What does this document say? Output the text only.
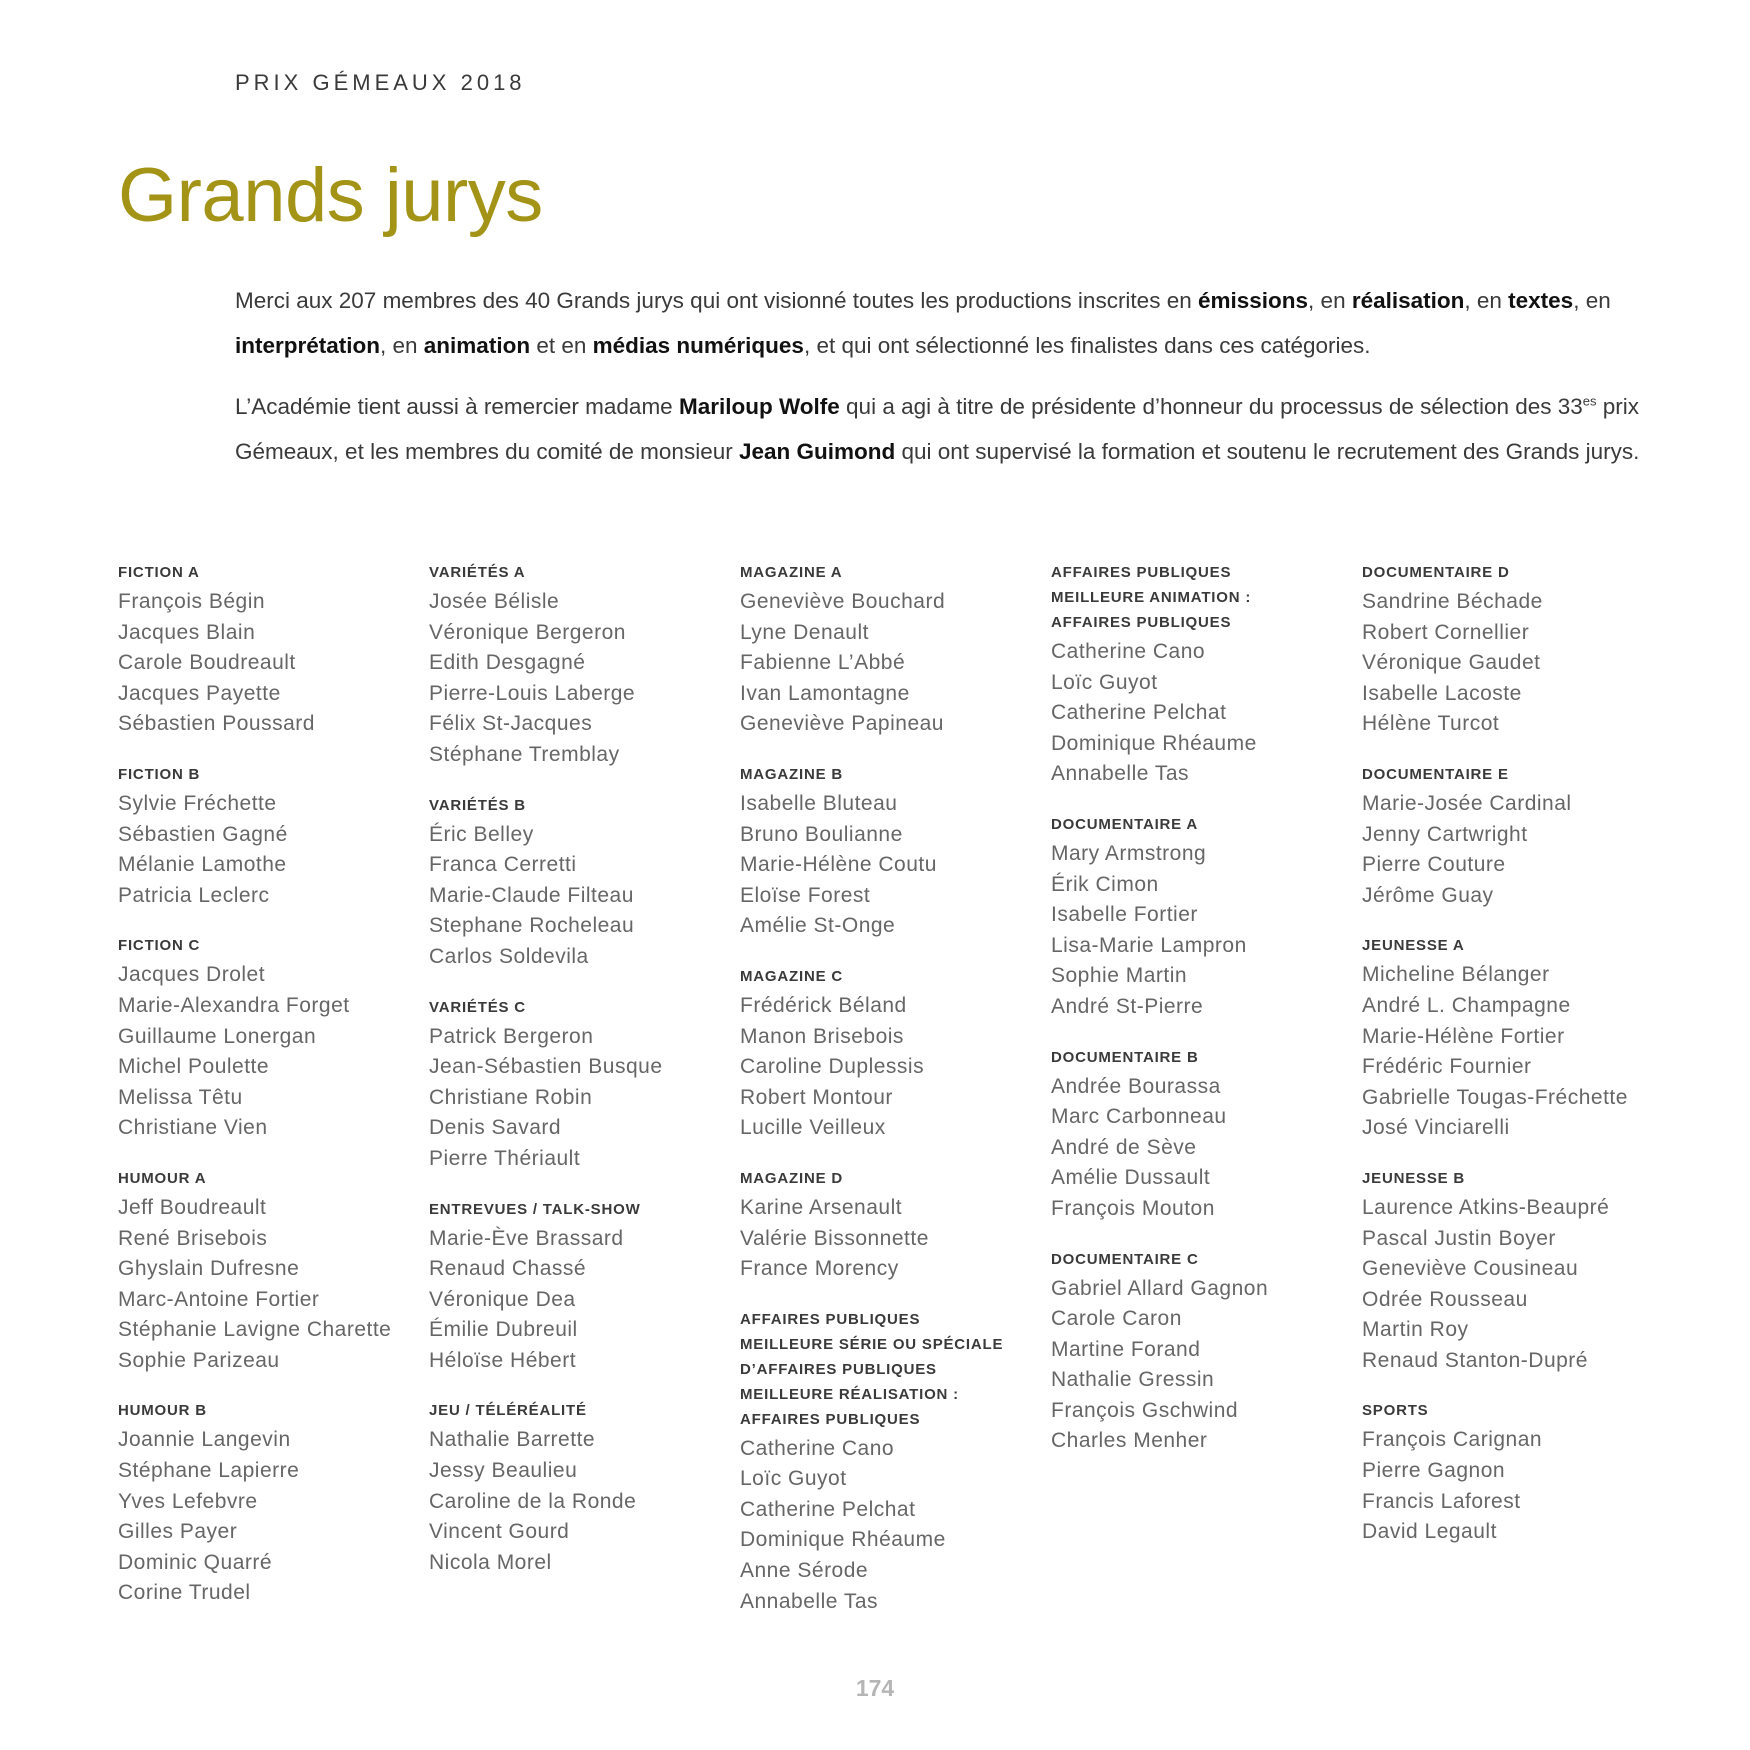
PRIX GÉMEAUX 2018
Grands jurys

Merci aux 207 membres des 40 Grands jurys qui ont visionné toutes les productions inscrites en émissions, en réalisation, en textes, en interprétation, en animation et en médias numériques, et qui ont sélectionné les finalistes dans ces catégories.

L’Académie tient aussi à remercier madame Mariloup Wolfe qui a agi à titre de présidente d’honneur du processus de sélection des $33^{es}$ prix Gémeaux, et les membres du comité de monsieur Jean Guimond qui ont supervisé la formation et soutenu le recrutement des Grands jurys.

FICTION A
François Bégin
Jacques Blain
Carole Boudreault
Jacques Payette
Sébastien Poussard
FICTION B
Sylvie Fréchette
Sébastien Gagné
Mélanie Lamothe
Patricia Leclerc
FICTION C
Jacques Drolet
Marie-Alexandra Forget
Guillaume Lonergan
Michel Poulette
Melissa Têtu
Christiane Vien
HUMOUR A
Jeff Boudreault
René Brisebois
Ghyslain Dufresne
Marc-Antoine Fortier
Stéphanie Lavigne Charette
Sophie Parizeau
HUMOUR B
Joannie Langevin
Stéphane Lapierre
Yves Lefebvre
Gilles Payer
Dominic Quarré
Corine Trudel
VARIÉTÉS A
Josée Bélisle
Véronique Bergeron
Edith Desgagné
Pierre-Louis Laberge
Félix St-Jacques
Stéphane Tremblay
VARIÉTÉS B
Éric Belley
Franca Cerretti
Marie-Claude Filteau
Stephane Rocheleau
Carlos Soldevila
VARIÉTÉS C
Patrick Bergeron
Jean-Sébastien Busque
Christiane Robin
Denis Savard
Pierre Thériault
ENTREVUES / TALK-SHOW
Marie-Ève Brassard
Renaud Chassé
Véronique Dea
Émilie Dubreuil
Héloïse Hébert
JEU / TÉLÉRÉALITÉ
Nathalie Barrette
Jessy Beaulieu
Caroline de la Ronde
Vincent Gourd
Nicola Morel
MAGAZINE A
Geneviève Bouchard
Lyne Denault
Fabienne L’Abbé
Ivan Lamontagne
Geneviève Papineau
MAGAZINE B
Isabelle Bluteau
Bruno Boulianne
Marie-Hélène Coutu
Eloïse Forest
Amélie St-Onge
MAGAZINE C
Frédérick Béland
Manon Brisebois
Caroline Duplessis
Robert Montour
Lucille Veilleux
MAGAZINE D
Karine Arsenault
Valérie Bissonnette
France Morency
AFFAIRES PUBLIQUES
MEILLEURE SÉRIE OU SPÉCIALE
D’AFFAIRES PUBLIQUES
MEILLEURE RÉALISATION :
AFFAIRES PUBLIQUES
Catherine Cano
Loïc Guyot
Catherine Pelchat
Dominique Rhéaume
Anne Sérode
Annabelle Tas
AFFAIRES PUBLIQUES
MEILLEURE ANIMATION :
AFFAIRES PUBLIQUES
Catherine Cano
Loïc Guyot
Catherine Pelchat
Dominique Rhéaume
Annabelle Tas
DOCUMENTAIRE A
Mary Armstrong
Érik Cimon
Isabelle Fortier
Lisa-Marie Lampron
Sophie Martin
André St-Pierre
DOCUMENTAIRE B
Andrée Bourassa
Marc Carbonneau
André de Sève
Amélie Dussault
François Mouton
DOCUMENTAIRE C
Gabriel Allard Gagnon
Carole Caron
Martine Forand
Nathalie Gressin
François Gschwind
Charles Menher
DOCUMENTAIRE D
Sandrine Béchade
Robert Cornellier
Véronique Gaudet
Isabelle Lacoste
Hélène Turcot
DOCUMENTAIRE E
Marie-Josée Cardinal
Jenny Cartwright
Pierre Couture
Jérôme Guay
JEUNESSE A
Micheline Bélanger
André L. Champagne
Marie-Hélène Fortier
Frédéric Fournier
Gabrielle Tougas-Fréchette
José Vinciarelli
JEUNESSE B
Laurence Atkins-Beaupré
Pascal Justin Boyer
Geneviève Cousineau
Odrée Rousseau
Martin Roy
Renaud Stanton-Dupré
SPORTS
François Carignan
Pierre Gagnon
Francis Laforest
David Legault
174
